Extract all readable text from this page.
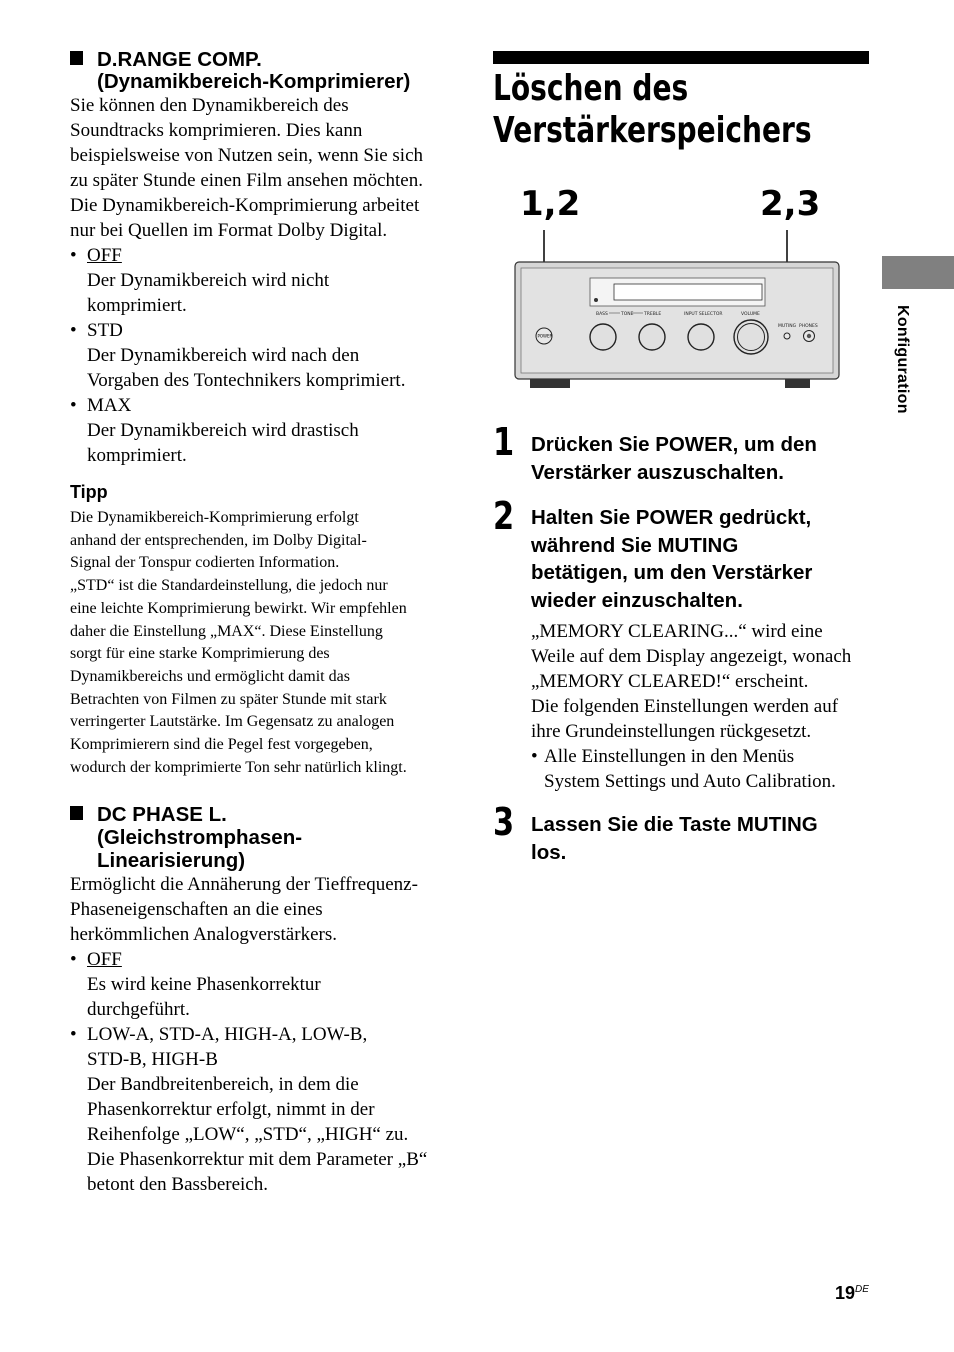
D.RANGE COMP.
(Dynamikbereich-Komprimierer)
Sie können den Dynamikbereich des
Soundtracks komprimieren. Dies kann
beispielsweise von Nutzen sein, wenn Sie sich
zu später Stunde einen Film ansehen möchten.
Die Dynamikbereich-Komprimierung arbeitet
nur bei Quellen im Format Dolby Digital.
• OFF
Der Dynamikbereich wird nicht
komprimiert.
• STD
Der Dynamikbereich wird nach den
Vorgaben des Tontechnikers komprimiert.
• MAX
Der Dynamikbereich wird drastisch
komprimiert.
Tipp
Die Dynamikbereich-Komprimierung erfolgt
anhand der entsprechenden, im Dolby Digital-
Signal der Tonspur codierten Information.
„STD“ ist die Standardeinstellung, die jedoch nur
eine leichte Komprimierung bewirkt. Wir empfehlen
daher die Einstellung „MAX“. Diese Einstellung
sorgt für eine starke Komprimierung des
Dynamikbereichs und ermöglicht damit das
Betrachten von Filmen zu später Stunde mit stark
verringerter Lautstärke. Im Gegensatz zu analogen
Komprimierern sind die Pegel fest vorgegeben,
wodurch der komprimierte Ton sehr natürlich klingt.
DC PHASE L.
(Gleichstromphasen-
Linearisierung)
Ermöglicht die Annäherung der Tieffrequenz-
Phaseneigenschaften an die eines
herkömmlichen Analogverstärkers.
• OFF
Es wird keine Phasenkorrektur
durchgeführt.
• LOW-A, STD-A, HIGH-A, LOW-B,
STD-B, HIGH-B
Der Bandbreitenbereich, in dem die
Phasenkorrektur erfolgt, nimmt in der
Reihenfolge „LOW“, „STD“, „HIGH“ zu.
Die Phasenkorrektur mit dem Parameter „B“
betont den Bassbereich.
Löschen des
Verstärkerspeichers
1,2	2,3
BASS	TONE TREBLE	INPUT SELECTOR	VOLUME
MUTING PHONES
POWER
1 Drücken Sie POWER, um den
Verstärker auszuschalten.
2 Halten Sie POWER gedrückt,
während Sie MUTING
betätigen, um den Verstärker
wieder einzuschalten.
„MEMORY CLEARING...“ wird eine
Weile auf dem Display angezeigt, wonach
„MEMORY CLEARED!“ erscheint.
Die folgenden Einstellungen werden auf
ihre Grundeinstellungen rückgesetzt.
• Alle Einstellungen in den Menüs
System Settings und Auto Calibration.
3 Lassen Sie die Taste MUTING
los.
Konfiguration
19DE
